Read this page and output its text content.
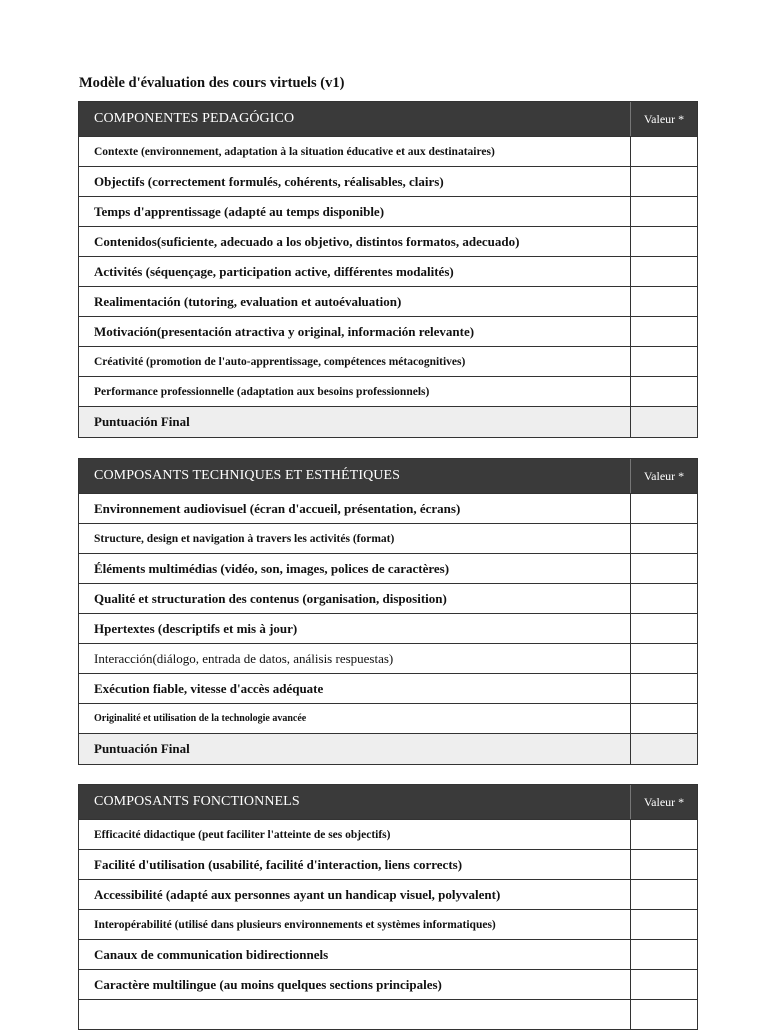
Modèle d'évaluation des cours virtuels (v1)
COMPONENTES PEDAGÓGICO	Valeur *
Contexte (environnement, adaptation à la situation éducative et aux destinataires)
Objectifs (correctement formulés, cohérents, réalisables, clairs)
Temps d'apprentissage (adapté au temps disponible)
Contenidos(suficiente, adecuado a los objetivo, distintos formatos, adecuado)
Activités (séquençage, participation active, différentes modalités)
Realimentación (tutoring, evaluation et autoévaluation)
Motivación(presentación atractiva y original, información relevante)
Créativité (promotion de l'auto-apprentissage, compétences métacognitives)
Performance professionnelle (adaptation aux besoins professionnels)
Puntuación Final
COMPOSANTS TECHNIQUES ET ESTHÉTIQUES	Valeur *
Environnement audiovisuel (écran d'accueil, présentation, écrans)
Structure, design et navigation à travers les activités (format)
Éléments multimédias (vidéo, son, images, polices de caractères)
Qualité et structuration des contenus (organisation, disposition)
Hpertextes (descriptifs et mis à jour)
Interacción(diálogo, entrada de datos, análisis respuestas)
Exécution fiable, vitesse d'accès adéquate
Originalité et utilisation de la technologie avancée
Puntuación Final
COMPOSANTS FONCTIONNELS	Valeur *
Efficacité didactique (peut faciliter l'atteinte de ses objectifs)
Facilité d'utilisation (usabilité, facilité d'interaction, liens corrects)
Accessibilité (adapté aux personnes ayant un handicap visuel, polyvalent)
Interopérabilité (utilisé dans plusieurs environnements et systèmes informatiques)
Canaux de communication bidirectionnels
Caractère multilingue (au moins quelques sections principales)
